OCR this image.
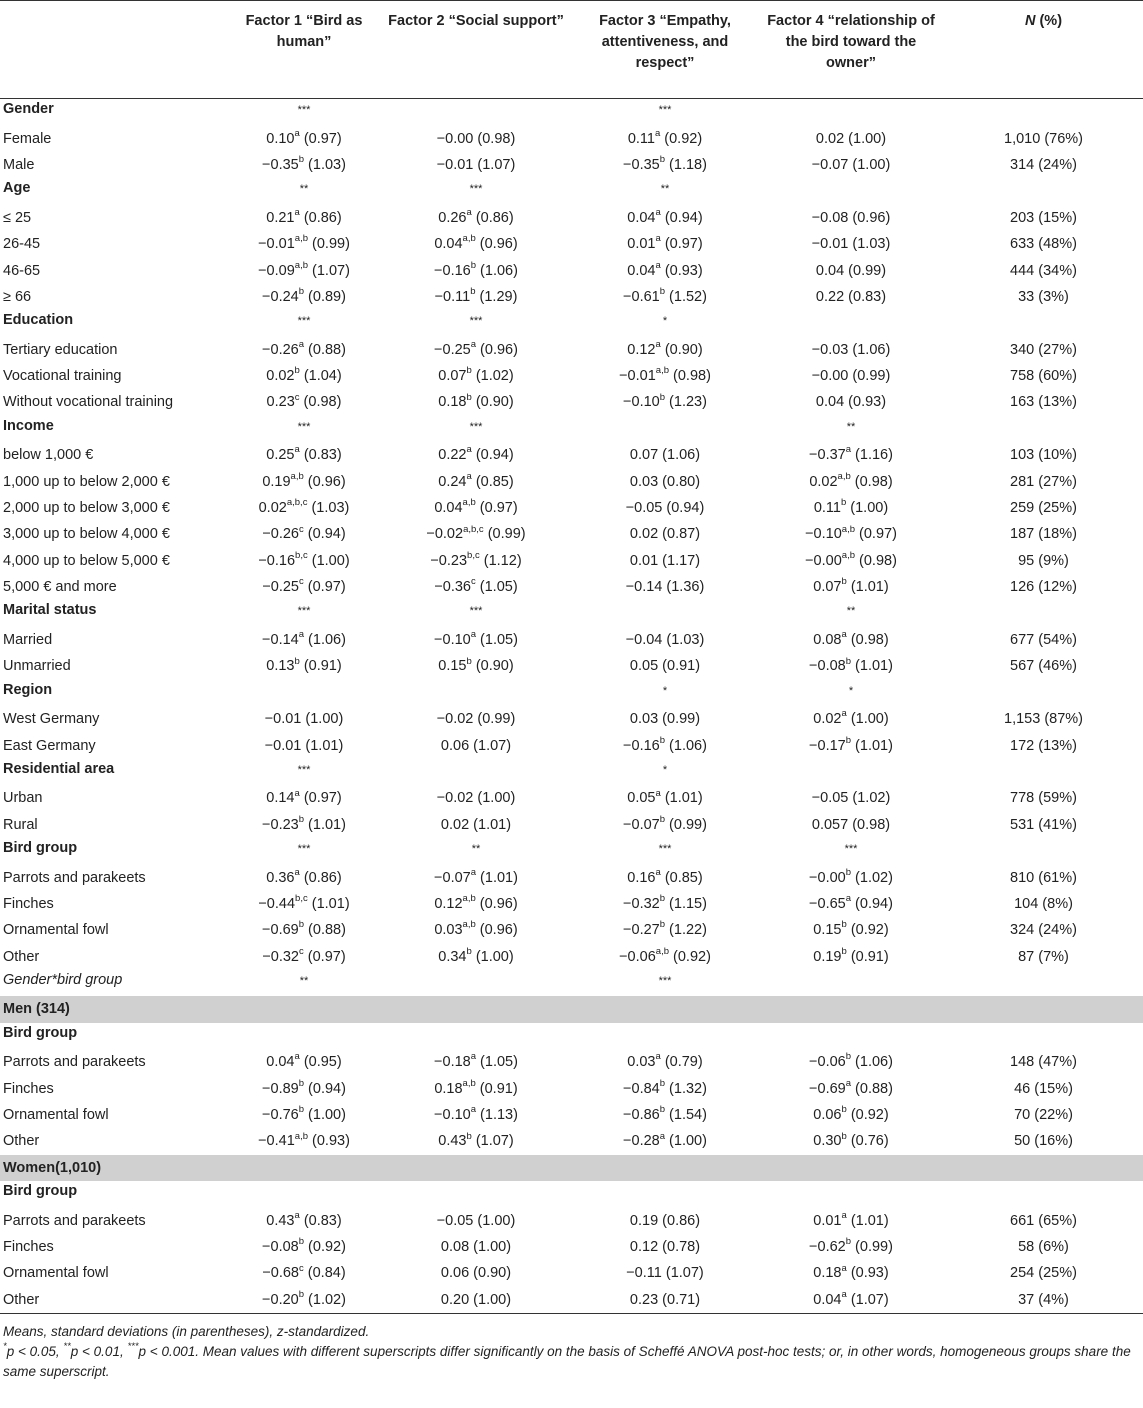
	Factor 1 “Bird as human”	Factor 2 “Social support”	Factor 3 “Empathy, attentiveness, and respect”	Factor 4 “relationship of the bird toward the owner”	N (%)
Gender	***		***		
Female	0.10$^a$ (0.97)	−0.00 (0.98)	0.11$^a$ (0.92)	0.02 (1.00)	1,010 (76%)
Male	−0.35$^b$ (1.03)	−0.01 (1.07)	−0.35$^b$ (1.18)	−0.07 (1.00)	314 (24%)
Age	**	***	**		
≤ 25	0.21$^a$ (0.86)	0.26$^a$ (0.86)	0.04$^a$ (0.94)	−0.08 (0.96)	203 (15%)
26-45	$-0.01^{a,b}$ (0.99)	0.04$^{a,b}$ (0.96)	0.01$^a$ (0.97)	−0.01 (1.03)	633 (48%)
46-65	$-0.09^{a,b}$ (1.07)	−0.16$^b$ (1.06)	0.04$^a$ (0.93)	0.04 (0.99)	444 (34%)
≥ 66	−0.24$^b$ (0.89)	−0.11$^b$ (1.29)	−0.61$^b$ (1.52)	0.22 (0.83)	33 (3%)
Education	***	***	*		
Tertiary education	−0.26$^a$ (0.88)	−0.25$^a$ (0.96)	0.12$^a$ (0.90)	−0.03 (1.06)	340 (27%)
Vocational training	0.02$^b$ (1.04)	0.07$^b$ (1.02)	$-0.01^{a,b}$ (0.98)	−0.00 (0.99)	758 (60%)
Without vocational training	0.23$^c$ (0.98)	0.18$^b$ (0.90)	−0.10$^b$ (1.23)	0.04 (0.93)	163 (13%)
Income	***	***		**	
below 1,000 €	0.25$^a$ (0.83)	0.22$^a$ (0.94)	0.07 (1.06)	−0.37$^a$ (1.16)	103 (10%)
1,000 up to below 2,000 €	0.19$^{a,b}$ (0.96)	0.24$^a$ (0.85)	0.03 (0.80)	0.02$^{a,b}$ (0.98)	281 (27%)
2,000 up to below 3,000 €	0.02$^{a,b,c}$ (1.03)	0.04$^{a,b}$ (0.97)	−0.05 (0.94)	0.11$^b$ (1.00)	259 (25%)
3,000 up to below 4,000 €	−0.26$^c$ (0.94)	$-0.02^{a,b,c}$ (0.99)	0.02 (0.87)	$-0.10^{a,b}$ (0.97)	187 (18%)
4,000 up to below 5,000 €	$-0.16^{b,c}$ (1.00)	$-0.23^{b,c}$ (1.12)	0.01 (1.17)	$-0.00^{a,b}$ (0.98)	95 (9%)
5,000 € and more	−0.25$^c$ (0.97)	−0.36$^c$ (1.05)	−0.14 (1.36)	0.07$^b$ (1.01)	126 (12%)
Marital status	***	***		**	
Married	−0.14$^a$ (1.06)	−0.10$^a$ (1.05)	−0.04 (1.03)	0.08$^a$ (0.98)	677 (54%)
Unmarried	0.13$^b$ (0.91)	0.15$^b$ (0.90)	0.05 (0.91)	−0.08$^b$ (1.01)	567 (46%)
Region			*	*	
West Germany	−0.01 (1.00)	−0.02 (0.99)	0.03 (0.99)	0.02$^a$ (1.00)	1,153 (87%)
East Germany	−0.01 (1.01)	0.06 (1.07)	−0.16$^b$ (1.06)	−0.17$^b$ (1.01)	172 (13%)
Residential area	***		*		
Urban	0.14$^a$ (0.97)	−0.02 (1.00)	0.05$^a$ (1.01)	−0.05 (1.02)	778 (59%)
Rural	−0.23$^b$ (1.01)	0.02 (1.01)	−0.07$^b$ (0.99)	0.057 (0.98)	531 (41%)
Bird group	***	**	***	***	
Parrots and parakeets	0.36$^a$ (0.86)	−0.07$^a$ (1.01)	0.16$^a$ (0.85)	−0.00$^b$ (1.02)	810 (61%)
Finches	$-0.44^{b,c}$ (1.01)	0.12$^{a,b}$ (0.96)	−0.32$^b$ (1.15)	−0.65$^a$ (0.94)	104 (8%)
Ornamental fowl	−0.69$^b$ (0.88)	0.03$^{a,b}$ (0.96)	−0.27$^b$ (1.22)	0.15$^b$ (0.92)	324 (24%)
Other	−0.32$^c$ (0.97)	0.34$^b$ (1.00)	$-0.06^{a,b}$ (0.92)	0.19$^b$ (0.91)	87 (7%)
Gender*bird group	**		***		
Men (314)					
Bird group					
Parrots and parakeets	0.04$^a$ (0.95)	−0.18$^a$ (1.05)	0.03$^a$ (0.79)	−0.06$^b$ (1.06)	148 (47%)
Finches	−0.89$^b$ (0.94)	0.18$^{a,b}$ (0.91)	−0.84$^b$ (1.32)	−0.69$^a$ (0.88)	46 (15%)
Ornamental fowl	−0.76$^b$ (1.00)	−0.10$^a$ (1.13)	−0.86$^b$ (1.54)	0.06$^b$ (0.92)	70 (22%)
Other	$-0.41^{a,b}$ (0.93)	0.43$^b$ (1.07)	−0.28$^a$ (1.00)	0.30$^b$ (0.76)	50 (16%)
Women(1,010)					
Bird group					
Parrots and parakeets	0.43$^a$ (0.83)	−0.05 (1.00)	0.19 (0.86)	0.01$^a$ (1.01)	661 (65%)
Finches	−0.08$^b$ (0.92)	0.08 (1.00)	0.12 (0.78)	−0.62$^b$ (0.99)	58 (6%)
Ornamental fowl	−0.68$^c$ (0.84)	0.06 (0.90)	−0.11 (1.07)	0.18$^a$ (0.93)	254 (25%)
Other	−0.20$^b$ (1.02)	0.20 (1.00)	0.23 (0.71)	0.04$^a$ (1.07)	37 (4%)

Means, standard deviations (in parentheses), z-standardized.

*p < 0.05, **p < 0.01, ***p < 0.001. Mean values with different superscripts differ significantly on the basis of Scheffé ANOVA post-hoc tests; or, in other words, homogeneous groups share the same superscript.
